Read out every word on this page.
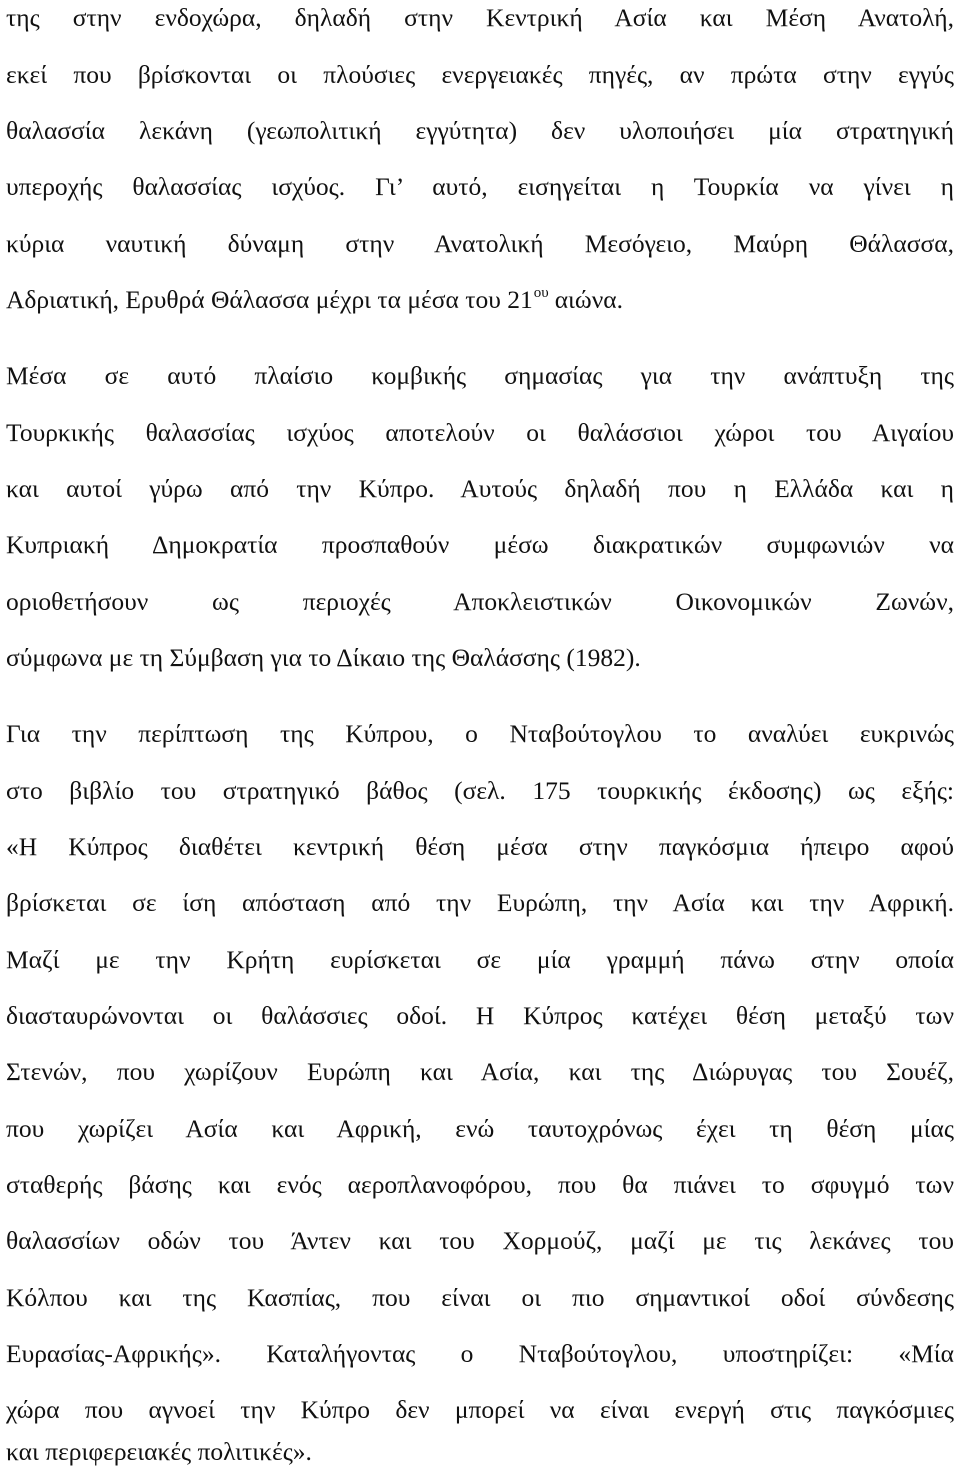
της στην ενδοχώρα, δηλαδή στην Κεντρική Ασία και Μέση Ανατολή,
εκεί που βρίσκονται οι πλούσιες ενεργειακές πηγές, αν πρώτα στην εγγύς
θαλασσία λεκάνη (γεωπολιτική εγγύτητα) δεν υλοποιήσει μία στρατηγική
υπεροχής θαλασσίας ισχύος. Γι’ αυτό, εισηγείται η Τουρκία να γίνει η
κύρια ναυτική δύναμη στην Ανατολική Μεσόγειο, Μαύρη Θάλασσα,
Αδριατική, Ερυθρά Θάλασσα μέχρι τα μέσα του $21^{o\upsilon}$ αιώνα.
Μέσα σε αυτό πλαίσιο κομβικής σημασίας για την ανάπτυξη της
Τουρκικής θαλασσίας ισχύος αποτελούν οι θαλάσσιοι χώροι του Αιγαίου
και αυτοί γύρω από την Κύπρο. Αυτούς δηλαδή που η Ελλάδα και η
Κυπριακή Δημοκρατία προσπαθούν μέσω διακρατικών συμφωνιών να
οριοθετήσουν ως περιοχές Αποκλειστικών Οικονομικών Ζωνών,
σύμφωνα με τη Σύμβαση για το Δίκαιο της Θαλάσσης (1982).
Για την περίπτωση της Κύπρου, ο Νταβούτογλου το αναλύει ευκρινώς
στο βιβλίο του στρατηγικό βάθος (σελ. 175 τουρκικής έκδοσης) ως εξής:
«Η Κύπρος διαθέτει κεντρική θέση μέσα στην παγκόσμια ήπειρο αφού
βρίσκεται σε ίση απόσταση από την Ευρώπη, την Ασία και την Αφρική.
Μαζί με την Κρήτη ευρίσκεται σε μία γραμμή πάνω στην οποία
διασταυρώνονται οι θαλάσσιες οδοί. Η Κύπρος κατέχει θέση μεταξύ των
Στενών, που χωρίζουν Ευρώπη και Ασία, και της Διώρυγας του Σουέζ,
που χωρίζει Ασία και Αφρική, ενώ ταυτοχρόνως έχει τη θέση μίας
σταθερής βάσης και ενός αεροπλανοφόρου, που θα πιάνει το σφυγμό των
θαλασσίων οδών του Άντεν και του Χορμούζ, μαζί με τις λεκάνες του
Κόλπου και της Κασπίας, που είναι οι πιο σημαντικοί οδοί σύνδεσης
Ευρασίας-Αφρικής». Καταλήγοντας ο Νταβούτογλου, υποστηρίζει: «Μία
χώρα που αγνοεί την Κύπρο δεν μπορεί να είναι ενεργή στις παγκόσμιες
και περιφερειακές πολιτικές».
